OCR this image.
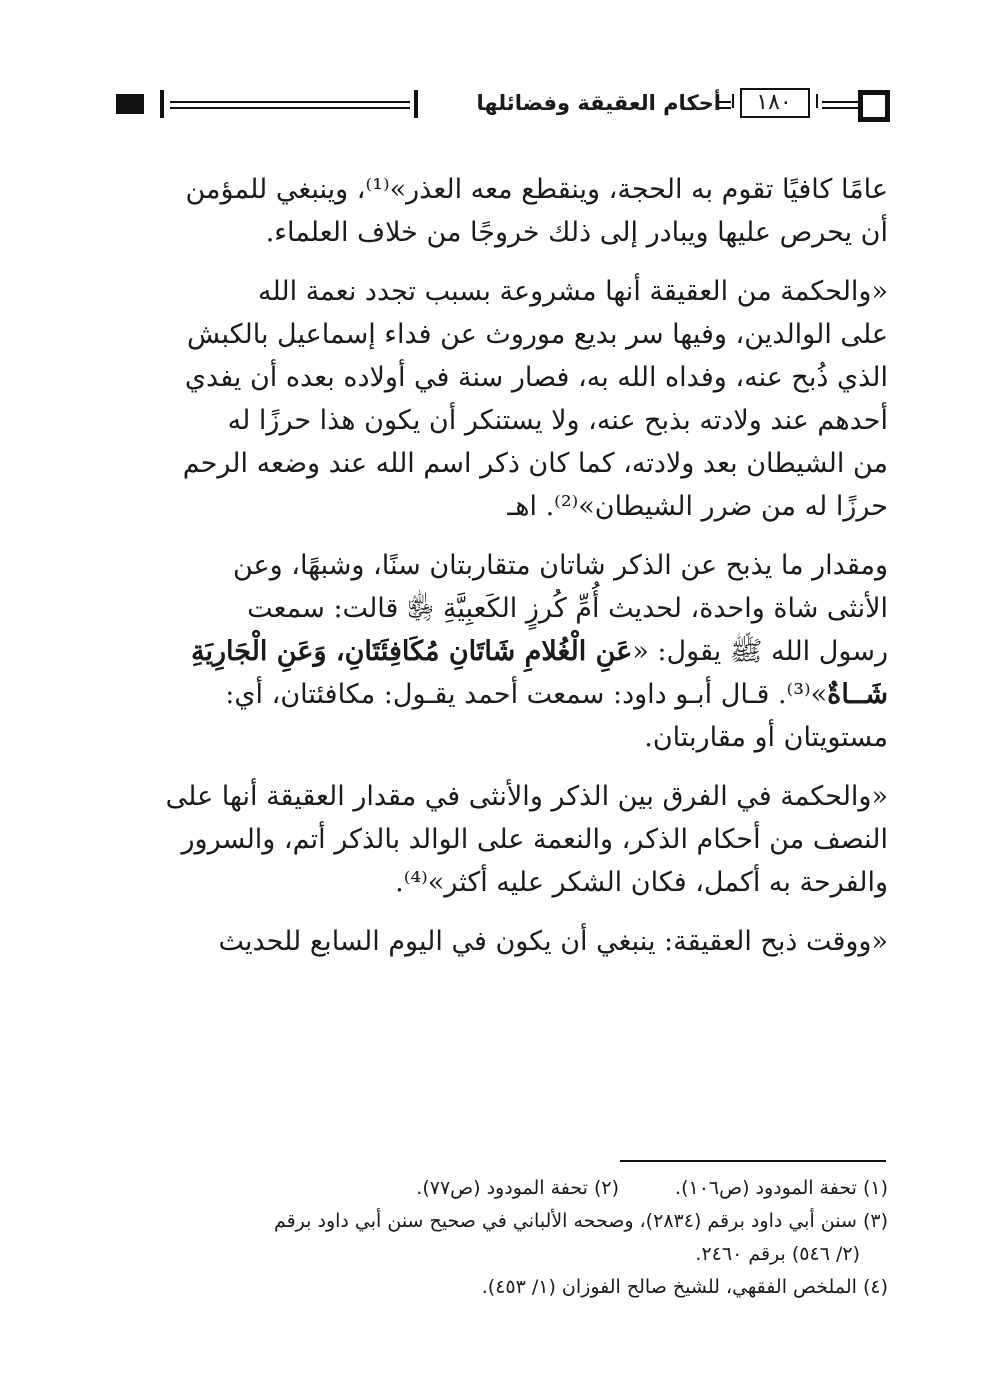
أحكام العقيقة وفضائلها	١٨٠

عامًا كافيًا تقوم به الحجة، وينقطع معه العذر»⁽¹⁾، وينبغي للمؤمن
أن يحرص عليها ويبادر إلى ذلك خروجًا من خلاف العلماء.

«والحكمة من العقيقة أنها مشروعة بسبب تجدد نعمة الله
على الوالدين، وفيها سر بديع موروث عن فداء إسماعيل بالكبش
الذي ذُبح عنه، وفداه الله به، فصار سنة في أولاده بعده أن يفدي
أحدهم عند ولادته بذبح عنه، ولا يستنكر أن يكون هذا حرزًا له
من الشيطان بعد ولادته، كما كان ذكر اسم الله عند وضعه الرحم
حرزًا له من ضرر الشيطان»⁽²⁾. اهـ

ومقدار ما يذبح عن الذكر شاتان متقاربتان سنًا، وشبهًا، وعن
الأنثى شاة واحدة، لحديث أُمِّ كُرزٍ الكَعبِيَّةِ ﵂ قالت: سمعت
رسول الله ﷺ يقول: «عَنِ الْغُلامِ شَاتَانِ مُكَافِئَتَانِ، وَعَنِ الْجَارِيَةِ
شَــاةٌ»⁽³⁾. قـال أبـو داود: سمعت أحمد يقـول: مكافئتان، أي:
مستويتان أو مقاربتان.

«والحكمة في الفرق بين الذكر والأنثى في مقدار العقيقة أنها على
النصف من أحكام الذكر، والنعمة على الوالد بالذكر أتم، والسرور
والفرحة به أكمل، فكان الشكر عليه أكثر»⁽⁴⁾.

«ووقت ذبح العقيقة: ينبغي أن يكون في اليوم السابع للحديث

(١) تحفة المودود (ص١٠٦).(٢) تحفة المودود (ص٧٧).
(٣) سنن أبي داود برقم (٢٨٣٤)، وصححه الألباني في صحيح سنن أبي داود برقم
(٢/ ٥٤٦) برقم ٢٤٦٠.
(٤) الملخص الفقهي، للشيخ صالح الفوزان (١/ ٤٥٣).
